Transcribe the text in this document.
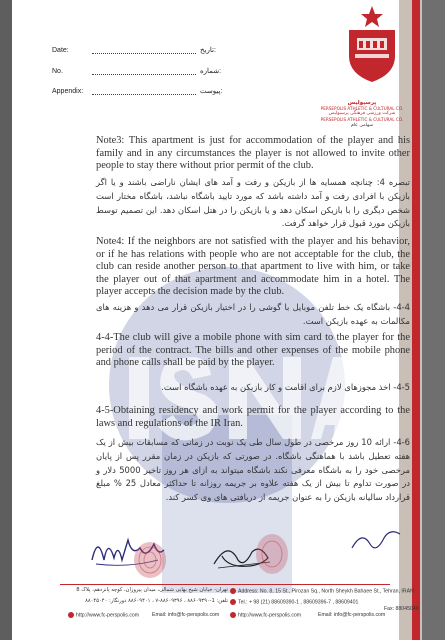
Date:	تاریخ:
No.	شماره:
Appendix:	پیوست:
پرسپولیس
PERSEPOLIS ATHLETIC & CULTURAL CO.
شرکت ورزشی فرهنگی پرسپولیس
PERSEPOLIS ATHLETIC & CULTURAL CO.
سهامی عام

Note3: This apartment is just for accommodation of the player and his family and in any circumstances the player is not allowed to invite other people to stay there without prior permit of the club.

تبصره 4: چنانچه همسایه ها از بازیکن و رفت و آمد های ایشان ناراضی باشند و یا اگر بازیکن با افرادی رفت و آمد داشته باشد که مورد تایید باشگاه نباشد، باشگاه مختار است شخص دیگری را با بازیکن اسکان دهد و یا بازیکن را در هتل اسکان دهد. این تصمیم توسط بازیکن مورد قبول قرار خواهد گرفت.

Note4: If the neighbors are not satisfied with the player and his behavior, or if he has relations with people who are not acceptable for the club, the club can reside another person to that apartment to live with him, or take the player out of that apartment and accommodate him in a hotel. The player accepts the decision made by the club.

4-4- باشگاه یک خط تلفن موبایل با گوشی را در اختیار بازیکن قرار می دهد و هزینه های مکالمات به عهده بازیکن است.

4-4-The club will give a mobile phone with sim card to the player for the period of the contract. The bills and other expenses of the mobile phone and phone calls shall be paid by the player.

4-5- اخذ مجوزهای لازم برای اقامت و کار بازیکن به عهده باشگاه است.

4-5-Obtaining residency and work permit for the player according to the laws and regulations of the IR Iran.

4-6- ارائه 10 روز مرخصی در طول سال طی یک نوبت در زمانی که مسابقات بیش از یک هفته تعطیل باشد با هماهنگی باشگاه. در صورتی که بازیکن در زمان مقرر پس از پایان مرخصی خود را به باشگاه معرفی نکند باشگاه میتواند به ازای هر روز تاخیر 5000 دلار و در صورت تداوم تا بیش از یک هفته علاوه بر جریمه روزانه تا حداکثر معادل 25 % مبلغ قرارداد سالیانه بازیکن را به عنوان جریمه از دریافتی های وی کسر کند.

Address: No. 8, 15 St., Pirozan Sq., North Sheykh Bahaee St., Tehran, IRAN
Tel.: + 98 (21) 88609390-1 , 88609396-7 , 88609401
Fax: 88045040
http://www.fc-perspolis.com	Email: info@fc-perspolis.com
تهران- خیابان شیخ بهایی شمالی، میدان پیروزان، کوچه پانزدهم، پلاک 8
تلفن: 1-۸۸۶۰۹۳۹۰ ، ۸۸۶۰۹۳۹۶-۷ ، ۸۸۶۰۹۴۰۱ دورنگار: ۸۸۰۴۵۰۴۰
http://www.fc-perspolis.com Email: info@fc-perspolis.com
